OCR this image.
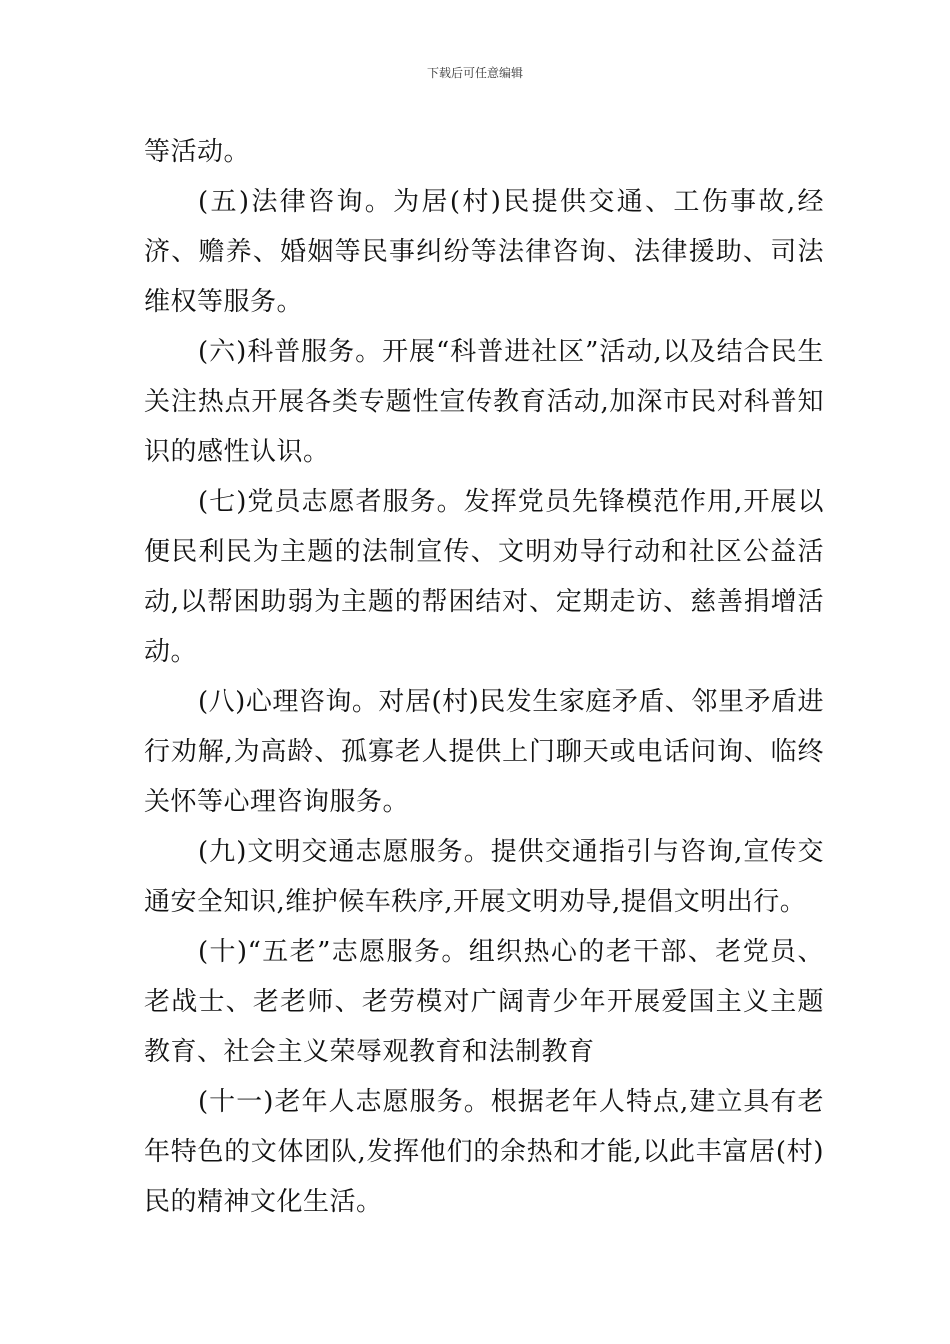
下载后可任意编辑

等活动。

(五)法律咨询。为居(村)民提供交通、工伤事故,经济、赡养、婚姻等民事纠纷等法律咨询、法律援助、司法维权等服务。

(六)科普服务。开展“科普进社区”活动,以及结合民生关注热点开展各类专题性宣传教育活动,加深市民对科普知识的感性认识。

(七)党员志愿者服务。发挥党员先锋模范作用,开展以便民利民为主题的法制宣传、文明劝导行动和社区公益活动,以帮困助弱为主题的帮困结对、定期走访、慈善捐增活动。

(八)心理咨询。对居(村)民发生家庭矛盾、邻里矛盾进行劝解,为高龄、孤寡老人提供上门聊天或电话问询、临终关怀等心理咨询服务。

(九)文明交通志愿服务。提供交通指引与咨询,宣传交通安全知识,维护候车秩序,开展文明劝导,提倡文明出行。

(十)“五老”志愿服务。组织热心的老干部、老党员、老战士、老老师、老劳模对广阔青少年开展爱国主义主题教育、社会主义荣辱观教育和法制教育

(十一)老年人志愿服务。根据老年人特点,建立具有老年特色的文体团队,发挥他们的余热和才能,以此丰富居(村)民的精神文化生活。
